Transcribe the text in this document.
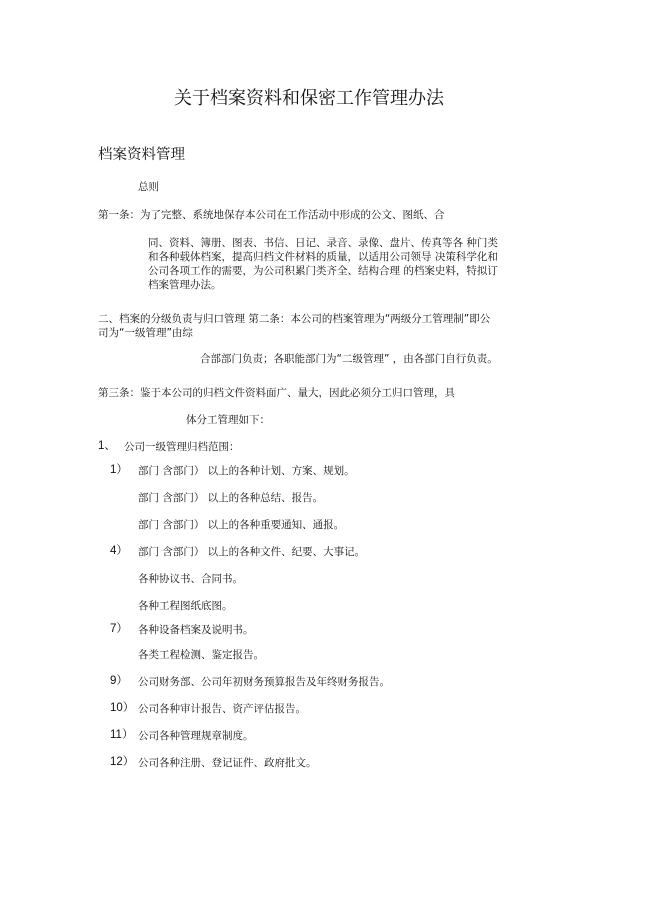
关于档案资料和保密工作管理办法
档案资料管理
总则
第一条：为了完整、系统地保存本公司在工作活动中形成的公文、图纸、合
同、资料、簿册、图表、书信、日记、录音、录像、盘片、传真等各 种门类
和各种载体档案，提高归档文件材料的质量，以适用公司领导 决策科学化和
公司各项工作的需要，为公司积累门类齐全、结构合理 的档案史料，特拟订
档案管理办法。
二、档案的分级负责与归口管理 第二条：本公司的档案管理为“两级分工管理制”即公
司为“一级管理”由综
合部部门负责；各职能部门为“二级管理” ，由各部门自行负责。
第三条：鉴于本公司的归档文件资料面广、量大，因此必须分工归口管理，具
体分工管理如下：
1、 公司一级管理归档范围：
1） 部门 含部门） 以上的各种计划、方案、规划。
部门 含部门） 以上的各种总结、报告。
部门 含部门） 以上的各种重要通知、通报。
4） 部门 含部门） 以上的各种文件、纪要、大事记。
各种协议书、合同书。
各种工程图纸底图。
7） 各种设备档案及说明书。
各类工程检测、鉴定报告。
9） 公司财务部、公司年初财务预算报告及年终财务报告。
10） 公司各种审计报告、资产评估报告。
11） 公司各种管理规章制度。
12） 公司各种注册、登记证件、政府批文。
